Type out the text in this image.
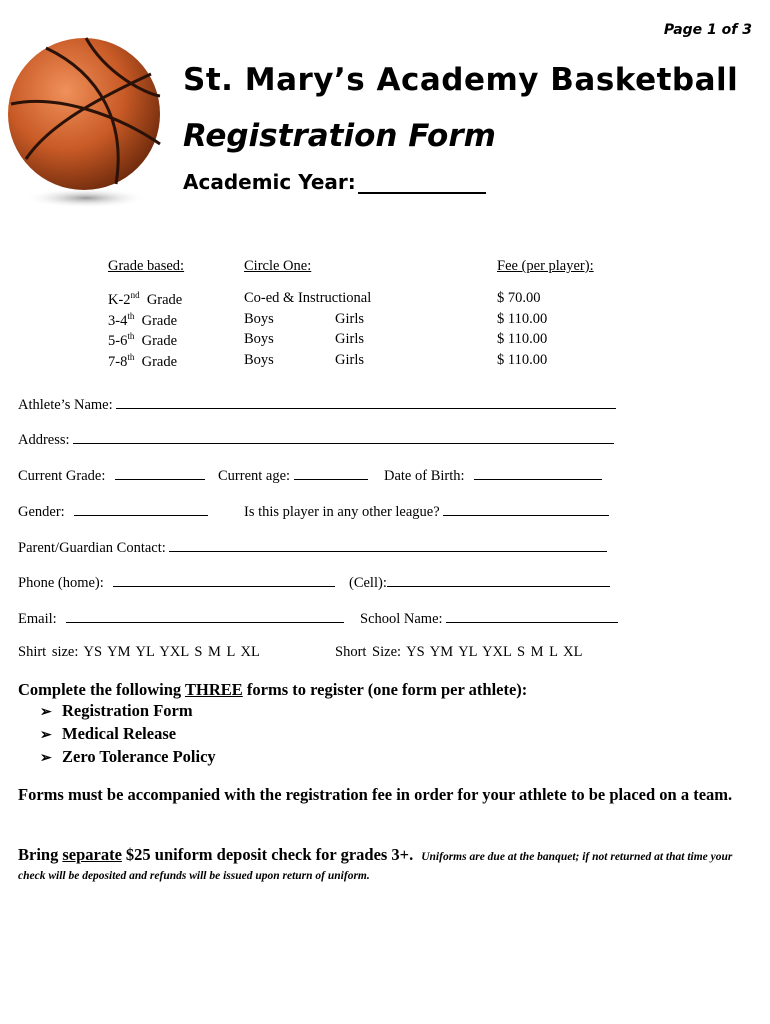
Page 1 of 3
St. Mary’s Academy Basketball
Registration Form
Academic Year:
Grade based:	Circle One:	Fee (per player):
K-2nd Grade	Co-ed & Instructional	$ 70.00
3-4th Grade	Boys	Girls	$ 110.00
5-6th Grade	Boys	Girls	$ 110.00
7-8th Grade	Boys	Girls	$ 110.00
Athlete’s Name:
Address:
Current Grade:	Current age:	Date of Birth:
Gender:	Is this player in any other league?
Parent/Guardian Contact:
Phone (home):	(Cell):
Email:	School Name:
Shirt size: YS YM YL YXL S M L XL	Short Size: YS YM YL YXL S M L XL
Complete the following THREE forms to register (one form per athlete):
➢ Registration Form
➢ Medical Release
➢ Zero Tolerance Policy
Forms must be accompanied with the registration fee in order for your athlete to be placed on a team.
Bring separate $25 uniform deposit check for grades 3+. Uniforms are due at the banquet; if not returned at that time your check will be deposited and refunds will be issued upon return of uniform.
